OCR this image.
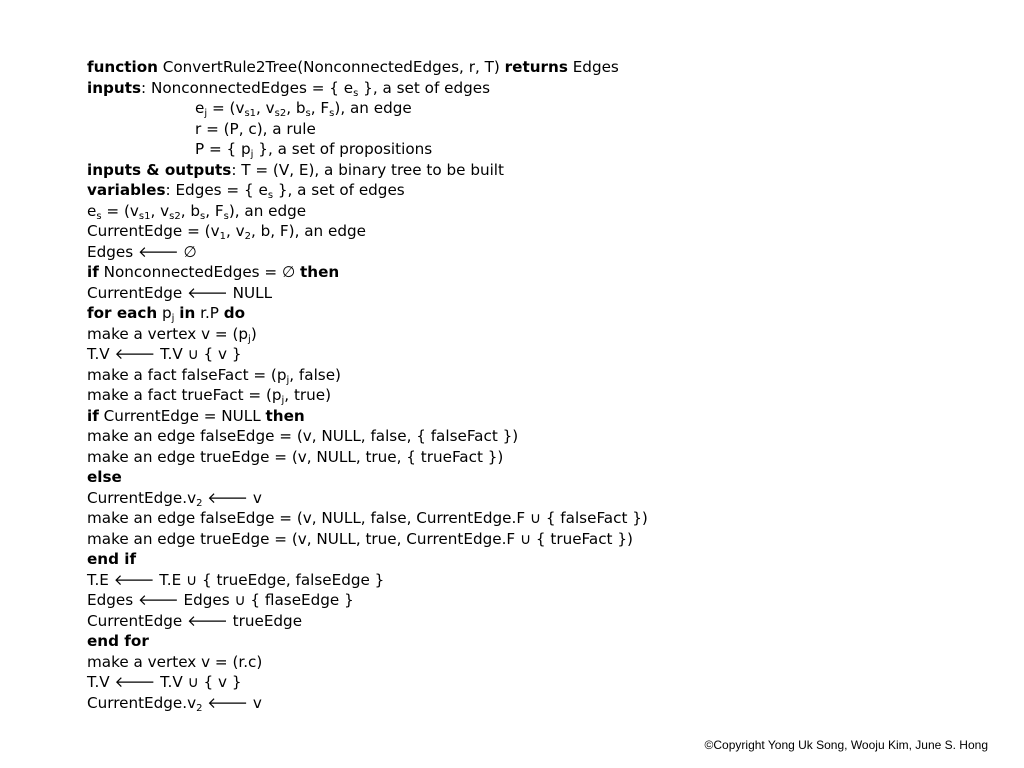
function ConvertRule2Tree(NonconnectedEdges, r, T) returns Edges
inputs: NonconnectedEdges = { $e_s$ }, a set of edges
$e_j = (v_{s1}$, $v_{s2}$, $b_s$, $F_s$), an edge
r = (P, c), a rule
P = { $p_j$ }, a set of propositions
inputs & outputs: T = (V, E), a binary tree to be built
variables: Edges = { $e_s$ }, a set of edges
$e_s = (v_{s1}$, $v_{s2}$, $b_s$, $F_s$), an edge
CurrentEdge = ($v_1$, $v_2$, b, F), an edge
Edges 🡐 ∅
if NonconnectedEdges = ∅ then
CurrentEdge 🡐 NULL
for each $p_j$ in r.P do
make a vertex $v = (p_j)$
T.V 🡐 T.V ∪ { v }
make a fact falseFact = ($p_j$, false)
make a fact trueFact = ($p_j$, true)
if CurrentEdge = NULL then
make an edge falseEdge = (v, NULL, false, { falseFact })
make an edge trueEdge = (v, NULL, true, { trueFact })
else
$CurrentEdge.v_2$ 🡐 v
make an edge falseEdge = (v, NULL, false, CurrentEdge.F ∪ { falseFact })
make an edge trueEdge = (v, NULL, true, CurrentEdge.F ∪ { trueFact })
end if
T.E 🡐 T.E ∪ { trueEdge, falseEdge }
Edges 🡐 Edges ∪ { flaseEdge }
CurrentEdge 🡐 trueEdge
end for
make a vertex v = (r.c)
T.V 🡐 T.V ∪ { v }
$CurrentEdge.v_2$ 🡐 v
©Copyright Yong Uk Song, Wooju Kim, June S. Hong
